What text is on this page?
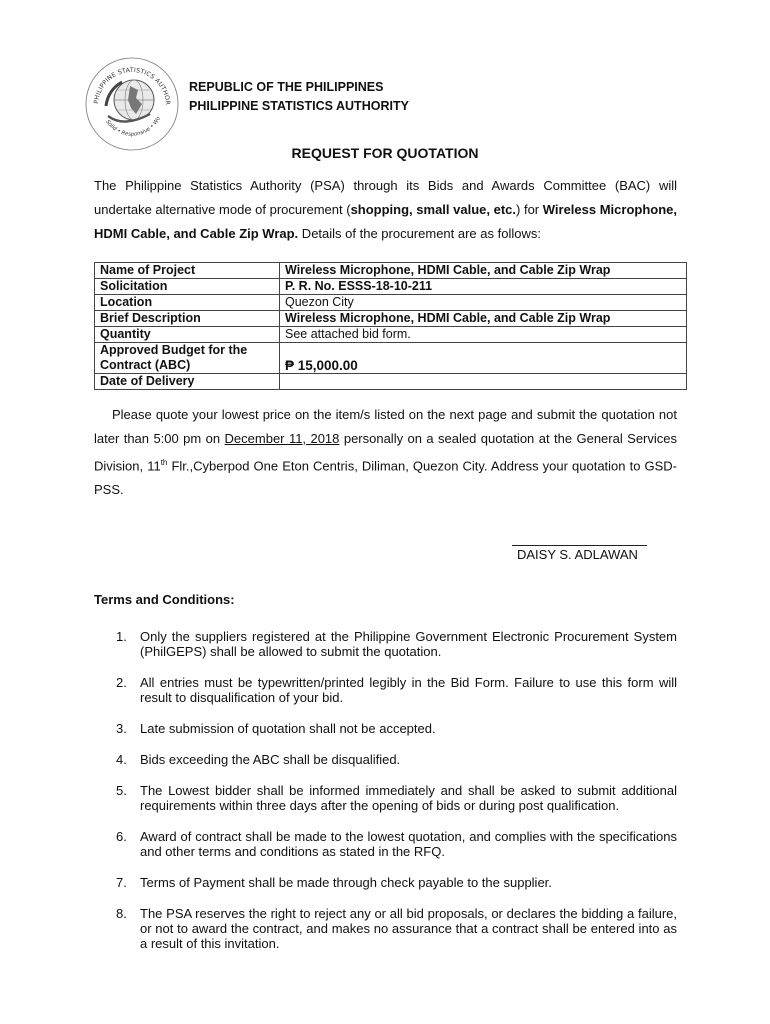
PHILIPPINE STATISTICS AUTHOR
Solid • Responsive • Wo
REPUBLIC OF THE PHILIPPINES
PHILIPPINE STATISTICS AUTHORITY
REQUEST FOR QUOTATION
The Philippine Statistics Authority (PSA) through its Bids and Awards Committee (BAC) will undertake alternative mode of procurement (shopping, small value, etc.) for Wireless Microphone, HDMI Cable, and Cable Zip Wrap. Details of the procurement are as follows:
Name of Project	Wireless Microphone, HDMI Cable, and Cable Zip Wrap
Solicitation	P. R. No. ESSS-18-10-211
Location	Quezon City
Brief Description	Wireless Microphone, HDMI Cable, and Cable Zip Wrap
Quantity	See attached bid form.
Approved Budget for the Contract (ABC)	₱ 15,000.00
Date of Delivery	
Please quote your lowest price on the item/s listed on the next page and submit the quotation not later than 5:00 pm on December 11, 2018 personally on a sealed quotation at the General Services Division, 11th Flr.,Cyberpod One Eton Centris, Diliman, Quezon City. Address your quotation to GSD-PSS.
DAISY S. ADLAWAN
Terms and Conditions:
1.	Only the suppliers registered at the Philippine Government Electronic Procurement System (PhilGEPS) shall be allowed to submit the quotation.
2.	All entries must be typewritten/printed legibly in the Bid Form. Failure to use this form will result to disqualification of your bid.
3.	Late submission of quotation shall not be accepted.
4.	Bids exceeding the ABC shall be disqualified.
5.	The Lowest bidder shall be informed immediately and shall be asked to submit additional requirements within three days after the opening of bids or during post qualification.
6.	Award of contract shall be made to the lowest quotation, and complies with the specifications and other terms and conditions as stated in the RFQ.
7.	Terms of Payment shall be made through check payable to the supplier.
8.	The PSA reserves the right to reject any or all bid proposals, or declares the bidding a failure, or not to award the contract, and makes no assurance that a contract shall be entered into as a result of this invitation.
